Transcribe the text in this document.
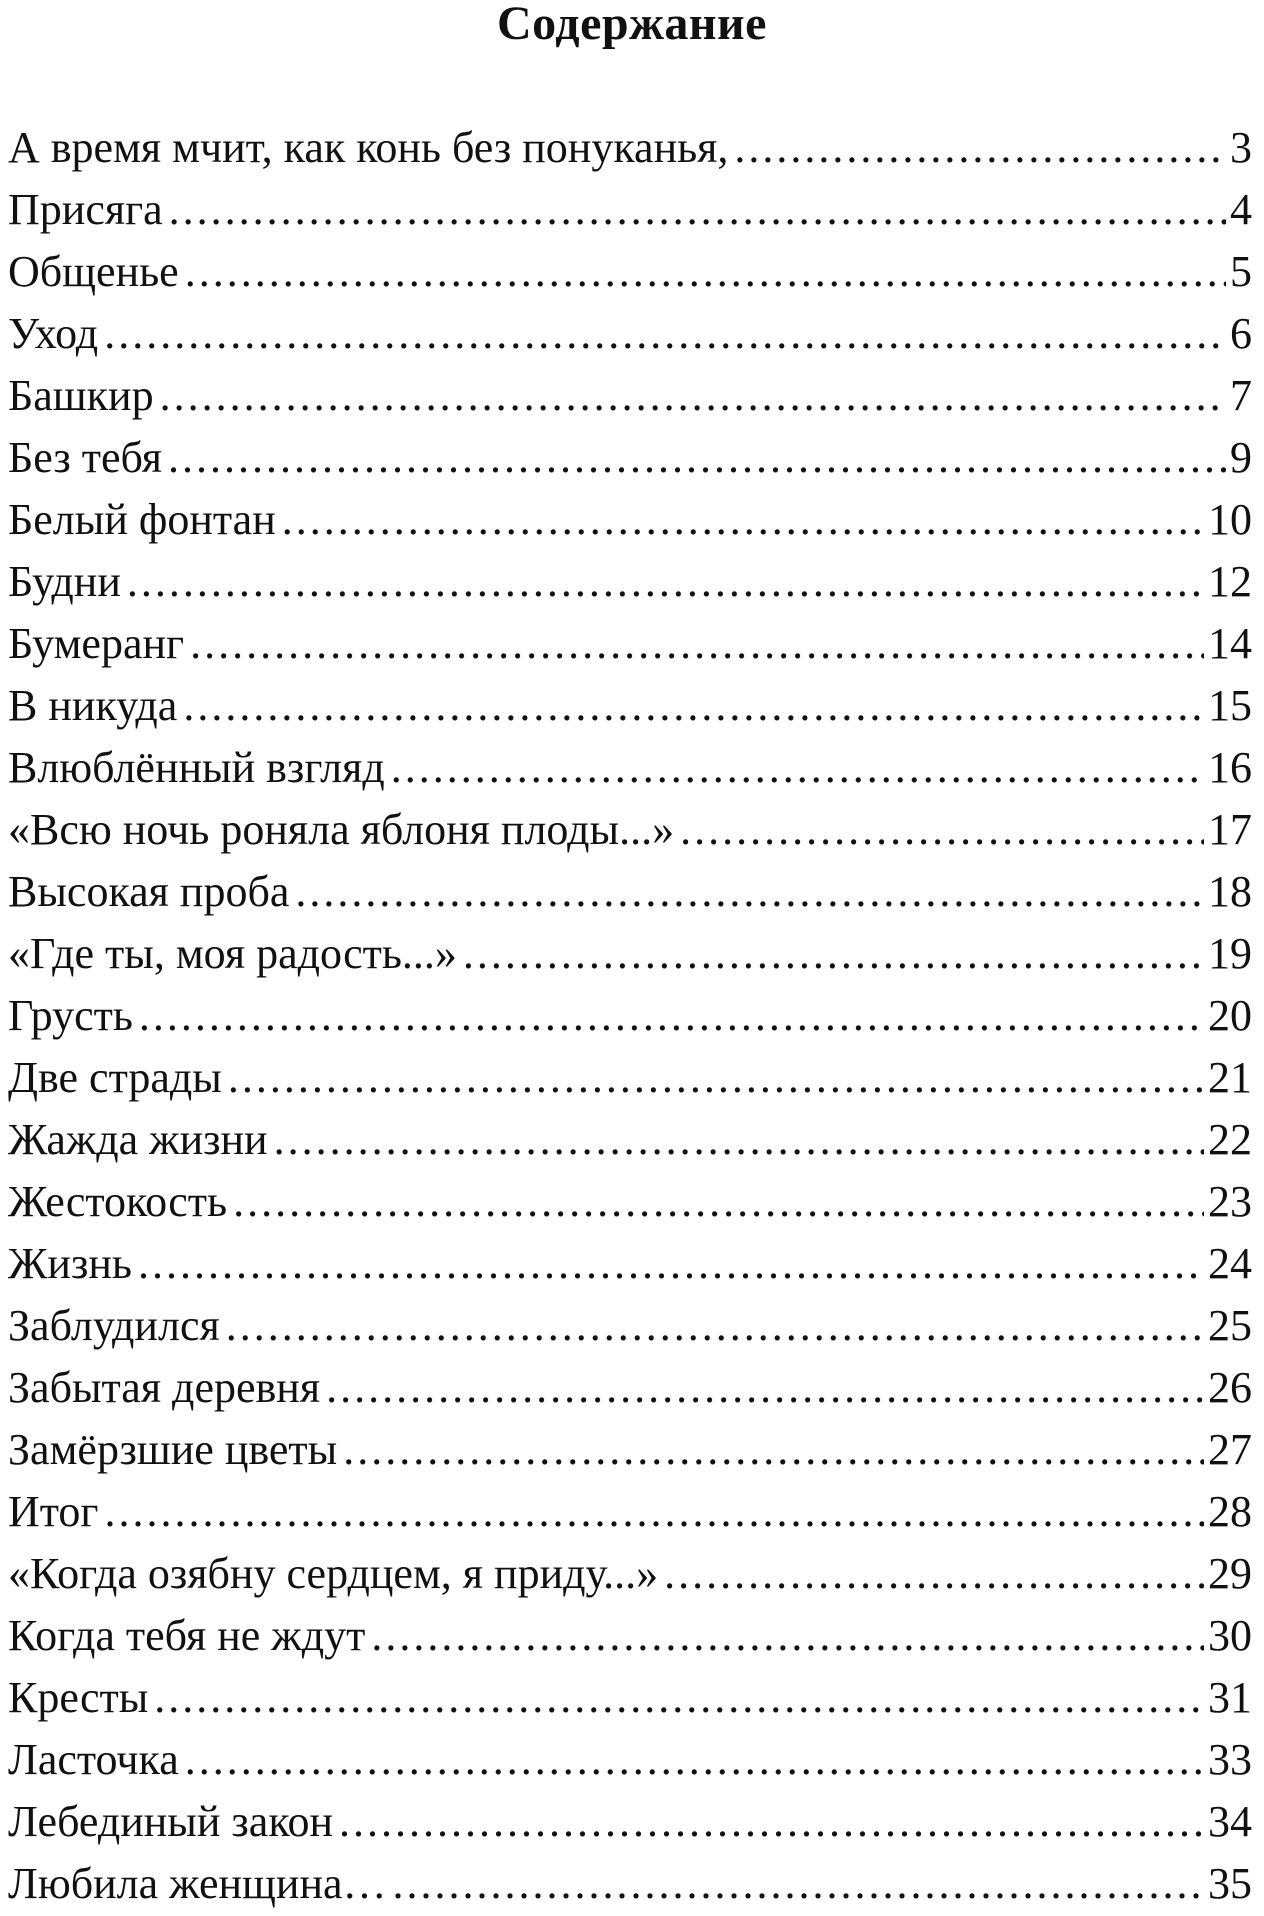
Содержание
А время мчит, как конь без понуканья, .....	3
Присяга .....	4
Общенье .....	5
Уход .....	6
Башкир .....	7
Без тебя .....	9
Белый фонтан .....	10
Будни .....	12
Бумеранг .....	14
В никуда .....	15
Влюблённый взгляд .....	16
«Всю ночь роняла яблоня плоды...» .....	17
Высокая проба .....	18
«Где ты, моя радость...» .....	19
Грусть .....	20
Две страды .....	21
Жажда жизни .....	22
Жестокость .....	23
Жизнь .....	24
Заблудился .....	25
Забытая деревня .....	26
Замёрзшие цветы .....	27
Итог .....	28
«Когда озябну сердцем, я приду...» .....	29
Когда тебя не ждут .....	30
Кресты .....	31
Ласточка .....	33
Лебединый закон .....	34
Любила женщина… .....	35
